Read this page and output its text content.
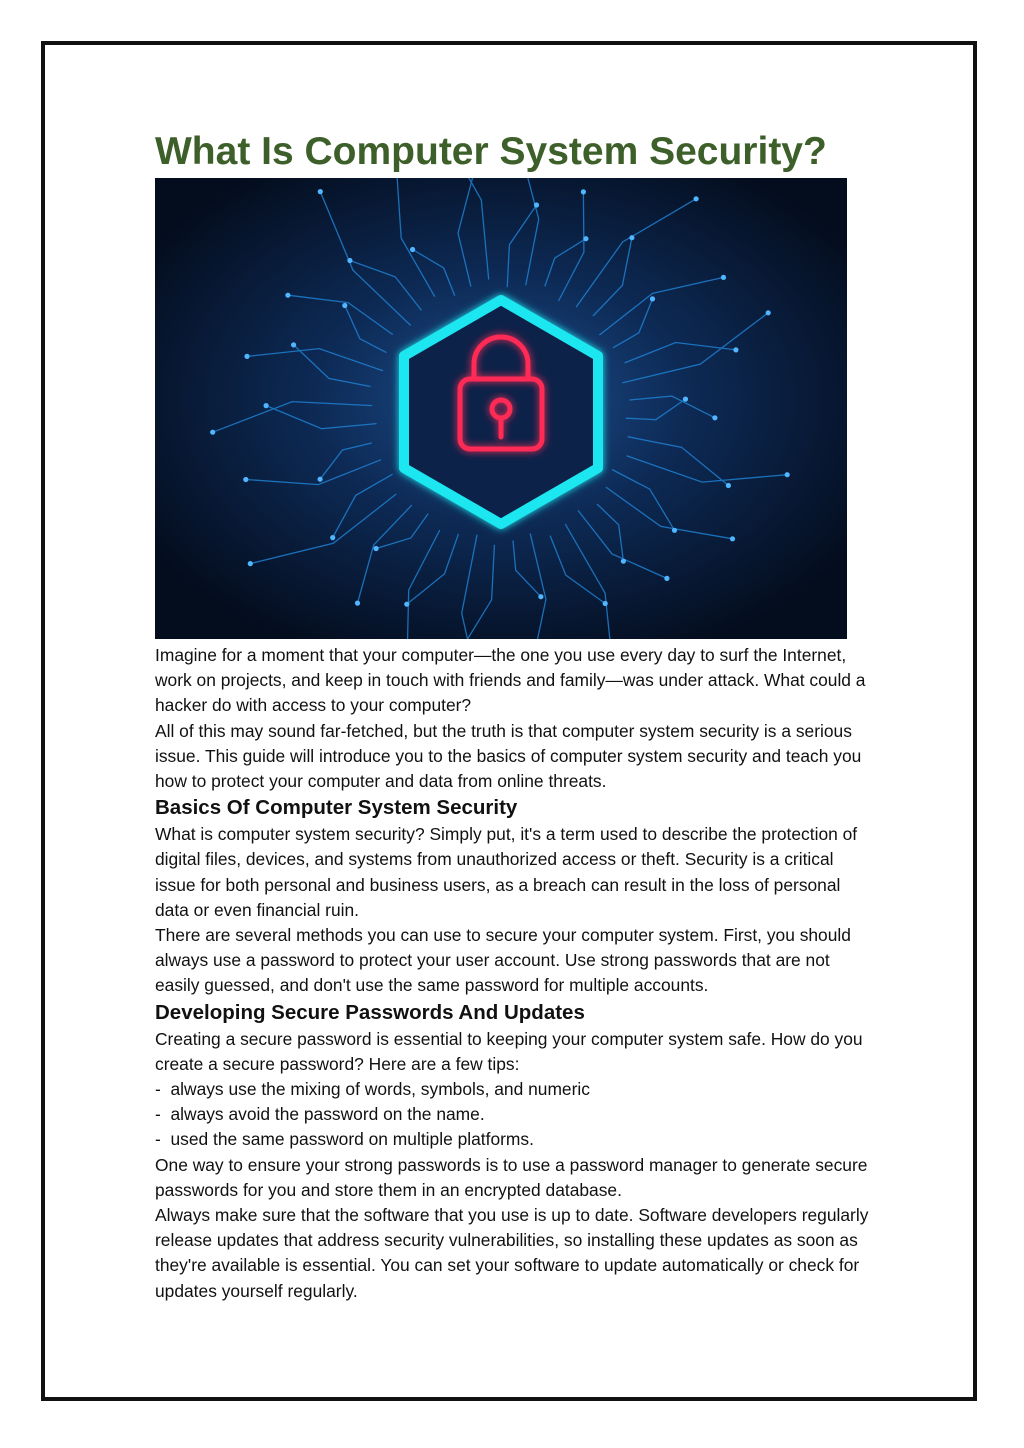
What Is Computer System Security?

Imagine for a moment that your computer—the one you use every day to surf the Internet, work on projects, and keep in touch with friends and family—was under attack. What could a hacker do with access to your computer?

All of this may sound far-fetched, but the truth is that computer system security is a serious issue. This guide will introduce you to the basics of computer system security and teach you how to protect your computer and data from online threats.

Basics Of Computer System Security

What is computer system security? Simply put, it's a term used to describe the protection of digital files, devices, and systems from unauthorized access or theft. Security is a critical issue for both personal and business users, as a breach can result in the loss of personal data or even financial ruin.

There are several methods you can use to secure your computer system. First, you should always use a password to protect your user account. Use strong passwords that are not easily guessed, and don't use the same password for multiple accounts.

Developing Secure Passwords And Updates

Creating a secure password is essential to keeping your computer system safe. How do you create a secure password? Here are a few tips:

- always use the mixing of words, symbols, and numeric
- always avoid the password on the name.
- used the same password on multiple platforms.

One way to ensure your strong passwords is to use a password manager to generate secure passwords for you and store them in an encrypted database.

Always make sure that the software that you use is up to date. Software developers regularly release updates that address security vulnerabilities, so installing these updates as soon as they're available is essential. You can set your software to update automatically or check for updates yourself regularly.
